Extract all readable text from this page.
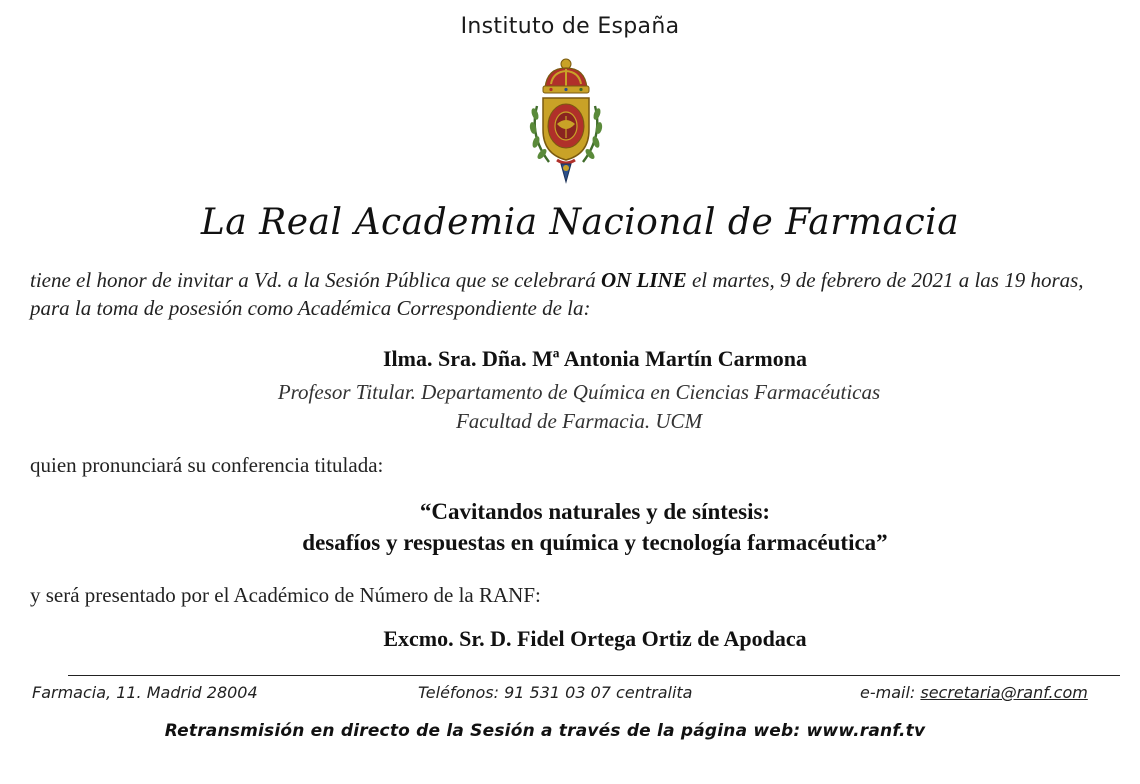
Instituto de España
La Real Academia Nacional de Farmacia
tiene el honor de invitar a Vd. a la Sesión Pública que se celebrará ON LINE el martes, 9 de febrero de 2021 a las 19 horas, para la toma de posesión como Académica Correspondiente de la:
Ilma. Sra. Dña. Mª Antonia Martín Carmona
Profesor Titular. Departamento de Química en Ciencias Farmacéuticas
Facultad de Farmacia. UCM
quien pronunciará su conferencia titulada:
“Cavitandos naturales y de síntesis:
desafíos y respuestas en química y tecnología farmacéutica”
y será presentado por el Académico de Número de la RANF:
Excmo. Sr. D. Fidel Ortega Ortiz de Apodaca
Farmacia, 11. Madrid 28004	Teléfonos: 91 531 03 07 centralita	e-mail: secretaria@ranf.com
Retransmisión en directo de la Sesión a través de la página web: www.ranf.tv
